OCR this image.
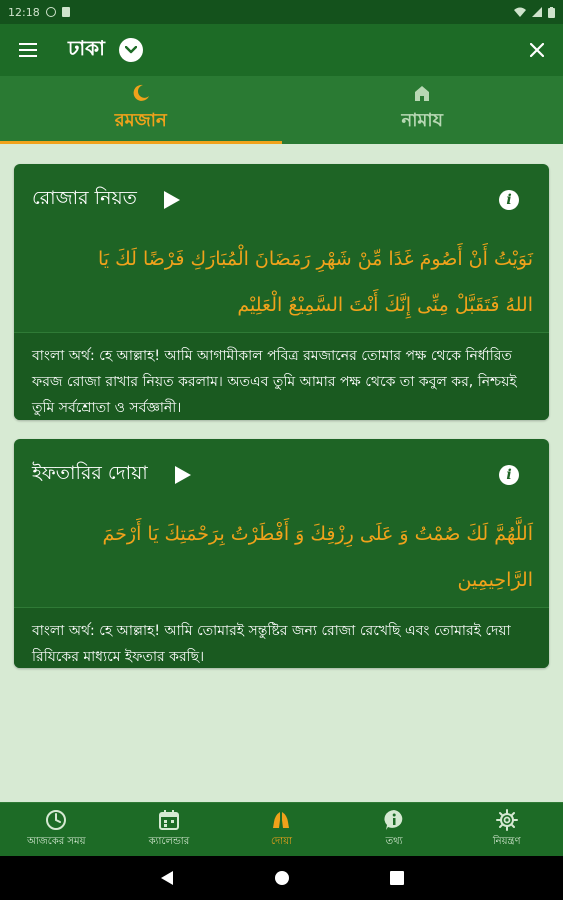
12:18
ঢাকা
রমজান	নামায
রোজার নিয়ত	i
نَوَيْتُ أَنْ أَصُومَ غَدًا مِّنْ شَهْرِ رَمَضَانَ الْمُبَارَكِ فَرْضًا لَكَ يَا
اللهُ فَتَقَبَّلْ مِنِّى إِنَّكَ أَنْتَ السَّمِيْعُ الْعَلِيْم
বাংলা অর্থ: হে আল্লাহ! আমি আগামীকাল পবিত্র রমজানের তোমার পক্ষ থেকে নির্ধারিত ফরজ রোজা রাখার নিয়ত করলাম। অতএব তুমি আমার পক্ষ থেকে তা কবুল কর, নিশ্চয়ই তুমি সর্বশ্রোতা ও সর্বজ্ঞানী।
ইফতারির দোয়া	i
اَللَّهُمَّ لَكَ صُمْتُ وَ عَلَى رِزْقِكَ وَ أَفْطَرْتُ بِرَحْمَتِكَ يَا أَرْحَمَ
الرَّاحِيمِين
বাংলা অর্থ: হে আল্লাহ! আমি তোমারই সন্তুষ্টির জন্য রোজা রেখেছি এবং তোমারই দেয়া রিযিকের মাধ্যমে ইফতার করছি।
আজকের সময়	ক্যালেন্ডার	দোয়া	তথ্য	নিয়ন্ত্রণ
